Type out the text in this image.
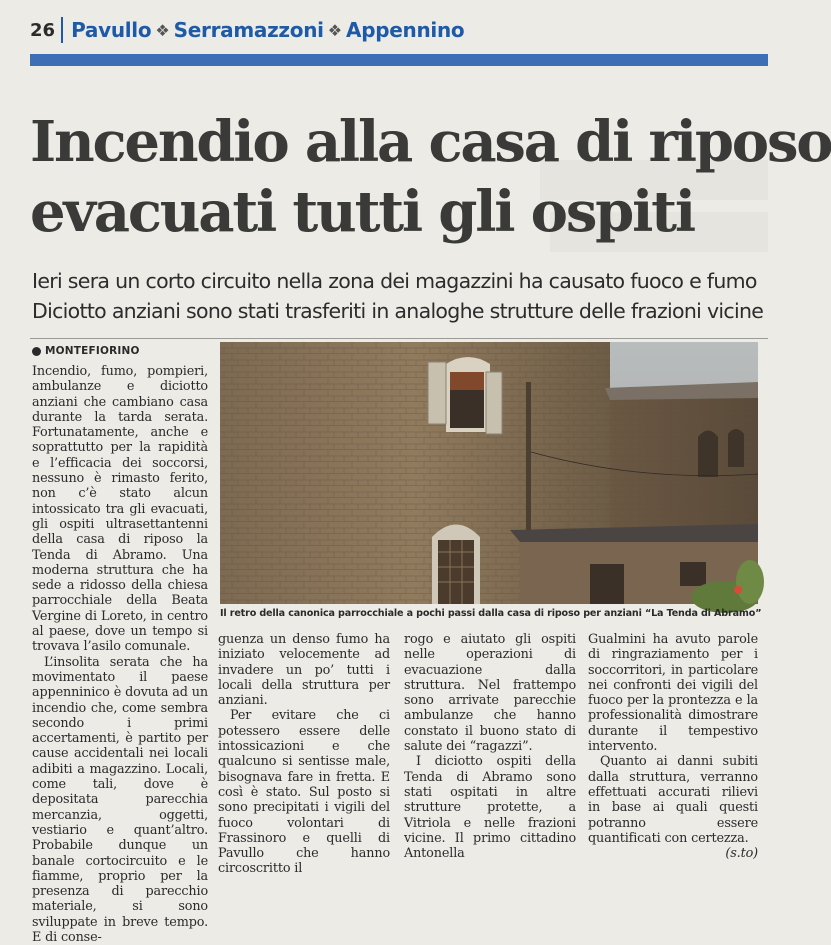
26 Pavullo ❖ Serramazzoni ❖ Appennino
Incendio alla casa di riposo
evacuati tutti gli ospiti
Ieri sera un corto circuito nella zona dei magazzini ha causato fuoco e fumo
Diciotto anziani sono stati trasferiti in analoghe strutture delle frazioni vicine
MONTEFIORINO

Incendio, fumo, pompieri, ambulanze e diciotto anziani che cambiano casa durante la tarda serata. Fortunatamente, anche e soprattutto per la rapidità e l’efficacia dei soccorsi, nessuno è rimasto ferito, non c’è stato alcun intossicato tra gli evacuati, gli ospiti ultrasettantenni della casa di riposo la Tenda di Abramo. Una moderna struttura che ha sede a ridosso della chiesa parrocchiale della Beata Vergine di Loreto, in centro al paese, dove un tempo si trovava l’asilo comunale.

L’insolita serata che ha movimentato il paese appenninico è dovuta ad un incendio che, come sembra secondo i primi accertamenti, è partito per cause accidentali nei locali adibiti a magazzino. Locali, come tali, dove è depositata parecchia mercanzia, oggetti, vestiario e quant’altro. Probabile dunque un banale cortocircuito e le fiamme, proprio per la presenza di parecchio materiale, si sono sviluppate in breve tempo. E di conse-

Il retro della canonica parrocchiale a pochi passi dalla casa di riposo per anziani “La Tenda di Abramo”

guenza un denso fumo ha iniziato velocemente ad invadere un po’ tutti i locali della struttura per anziani.

Per evitare che ci potessero essere delle intossicazioni e che qualcuno si sentisse male, bisognava fare in fretta. E così è stato. Sul posto si sono precipitati i vigili del fuoco volontari di Frassinoro e quelli di Pavullo che hanno circoscritto il

rogo e aiutato gli ospiti nelle operazioni di evacuazione dalla struttura. Nel frattempo sono arrivate parecchie ambulanze che hanno constato il buono stato di salute dei “ragazzi”.

I diciotto ospiti della Tenda di Abramo sono stati ospitati in altre strutture protette, a Vitriola e nelle frazioni vicine. Il primo cittadino Antonella

Gualmini ha avuto parole di ringraziamento per i soccorritori, in particolare nei confronti dei vigili del fuoco per la prontezza e la professionalità dimostrare durante il tempestivo intervento.

Quanto ai danni subiti dalla struttura, verranno effettuati accurati rilievi in base ai quali questi potranno essere quantificati con certezza.
(s.to)
